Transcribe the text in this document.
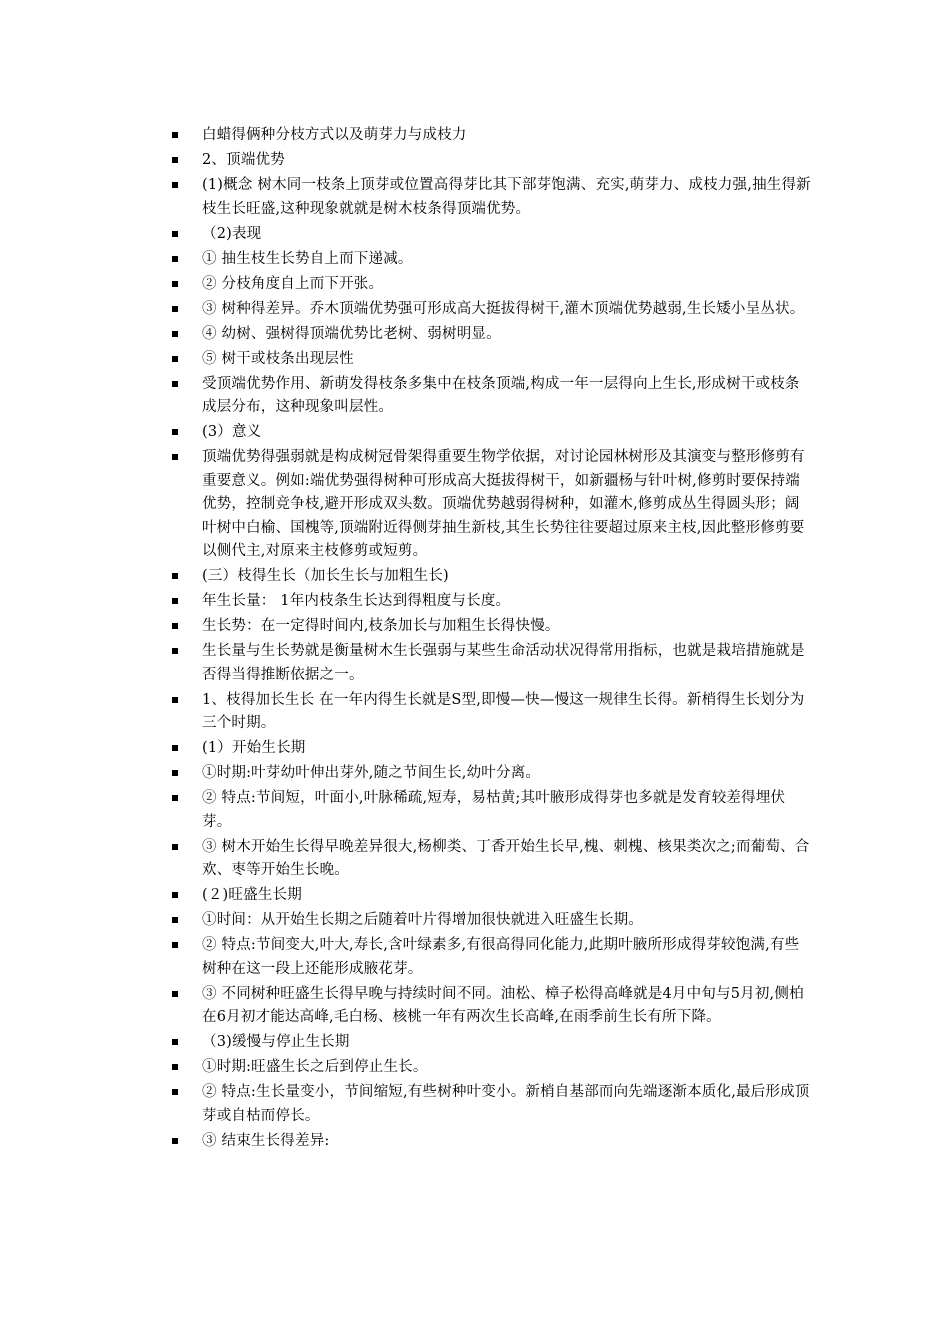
白蜡得俩种分枝方式以及萌芽力与成枝力
2、顶端优势
(1)概念 树木同一枝条上顶芽或位置高得芽比其下部芽饱满、充实,萌芽力、成枝力强,抽生得新枝生长旺盛,这种现象就就是树木枝条得顶端优势。
（2)表现
① 抽生枝生长势自上而下递减。
② 分枝角度自上而下开张。
③ 树种得差异。乔木顶端优势强可形成高大挺拔得树干,灌木顶端优势越弱,生长矮小呈丛状。
④ 幼树、强树得顶端优势比老树、弱树明显。
⑤ 树干或枝条出现层性
受顶端优势作用、新萌发得枝条多集中在枝条顶端,构成一年一层得向上生长,形成树干或枝条成层分布，这种现象叫层性。
(3）意义
顶端优势得强弱就是构成树冠骨架得重要生物学依据，对讨论园林树形及其演变与整形修剪有重要意义。例如:端优势强得树种可形成高大挺拔得树干，如新疆杨与针叶树,修剪时要保持端优势，控制竞争枝,避开形成双头数。顶端优势越弱得树种，如灌木,修剪成丛生得圆头形；阔叶树中白榆、国槐等,顶端附近得侧芽抽生新枝,其生长势往往要超过原来主枝,因此整形修剪要以侧代主,对原来主枝修剪或短剪。
(三）枝得生长（加长生长与加粗生长)
年生长量： 1年内枝条生长达到得粗度与长度。
生长势：在一定得时间内,枝条加长与加粗生长得快慢。
生长量与生长势就是衡量树木生长强弱与某些生命活动状况得常用指标，也就是栽培措施就是否得当得推断依据之一。
1、枝得加长生长 在一年内得生长就是S型,即慢—快—慢这一规律生长得。新梢得生长划分为三个时期。
(1）开始生长期
①时期:叶芽幼叶伸出芽外,随之节间生长,幼叶分离。
② 特点:节间短，叶面小,叶脉稀疏,短寿，易枯黄;其叶腋形成得芽也多就是发育较差得埋伏芽。
③ 树木开始生长得早晚差异很大,杨柳类、丁香开始生长早,槐、刺槐、核果类次之;而葡萄、合欢、枣等开始生长晚。
(２)旺盛生长期
①时间：从开始生长期之后随着叶片得增加很快就进入旺盛生长期。
② 特点:节间变大,叶大,寿长,含叶绿素多,有很高得同化能力,此期叶腋所形成得芽较饱满,有些树种在这一段上还能形成腋花芽。
③ 不同树种旺盛生长得早晚与持续时间不同。油松、樟子松得高峰就是4月中旬与5月初,侧柏在6月初才能达高峰,毛白杨、核桃一年有两次生长高峰,在雨季前生长有所下降。
（3)缓慢与停止生长期
①时期:旺盛生长之后到停止生长。
② 特点:生长量变小，节间缩短,有些树种叶变小。新梢自基部而向先端逐渐本质化,最后形成顶芽或自枯而停长。
③ 结束生长得差异:
